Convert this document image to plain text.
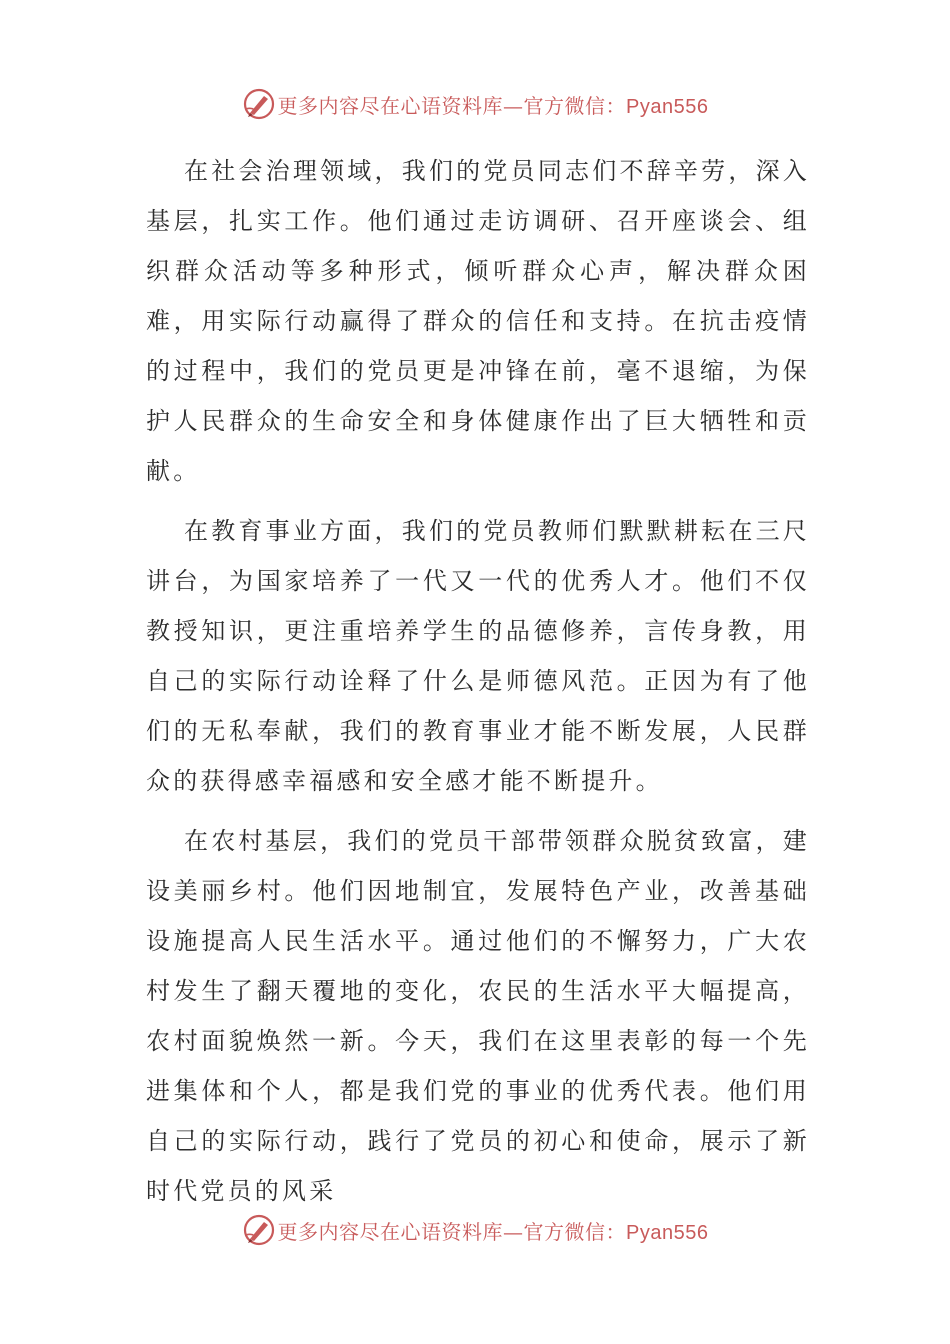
更多内容尽在心语资料库—官方微信：Pyan556

在社会治理领域，我们的党员同志们不辞辛劳，深入基层，扎实工作。他们通过走访调研、召开座谈会、组织群众活动等多种形式，倾听群众心声，解决群众困难，用实际行动赢得了群众的信任和支持。在抗击疫情的过程中，我们的党员更是冲锋在前，毫不退缩，为保护人民群众的生命安全和身体健康作出了巨大牺牲和贡献。

在教育事业方面，我们的党员教师们默默耕耘在三尺讲台，为国家培养了一代又一代的优秀人才。他们不仅教授知识，更注重培养学生的品德修养，言传身教，用自己的实际行动诠释了什么是师德风范。正因为有了他们的无私奉献，我们的教育事业才能不断发展，人民群众的获得感幸福感和安全感才能不断提升。

在农村基层，我们的党员干部带领群众脱贫致富，建设美丽乡村。他们因地制宜，发展特色产业，改善基础设施提高人民生活水平。通过他们的不懈努力，广大农村发生了翻天覆地的变化，农民的生活水平大幅提高，农村面貌焕然一新。今天，我们在这里表彰的每一个先进集体和个人，都是我们党的事业的优秀代表。他们用自己的实际行动，践行了党员的初心和使命，展示了新时代党员的风采

更多内容尽在心语资料库—官方微信：Pyan556
